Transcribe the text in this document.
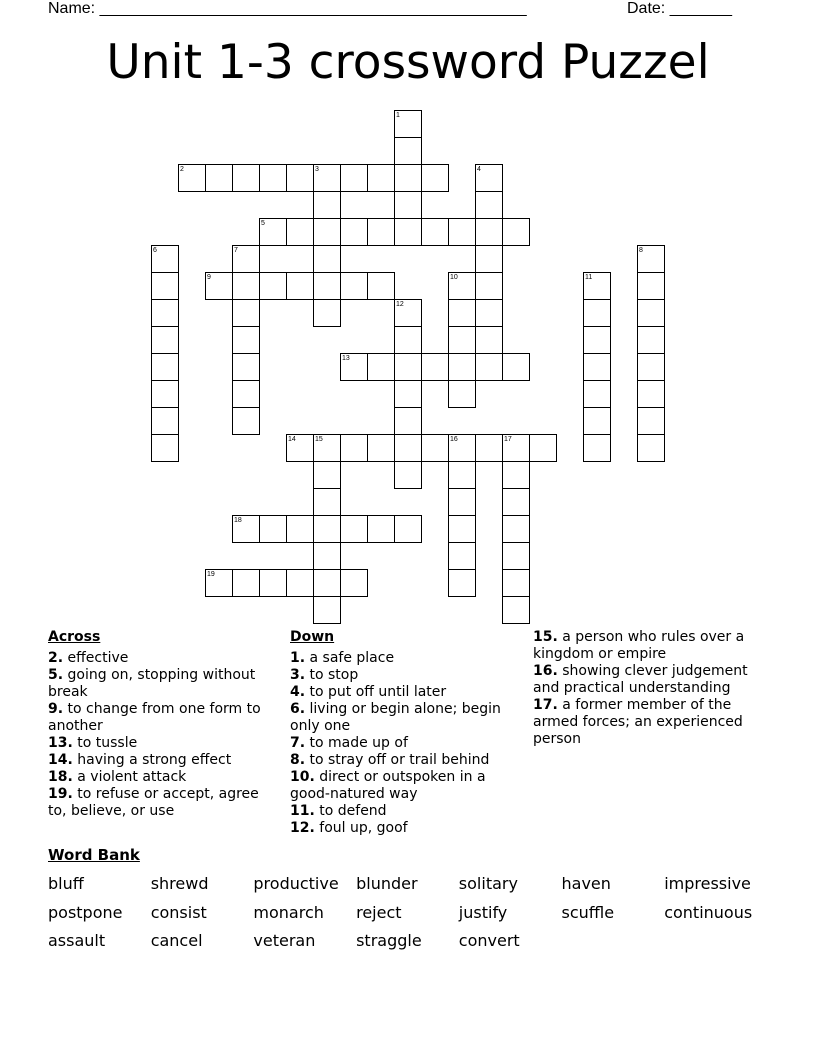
Name: ________________________________________________	Date: _______
Unit 1-3 crossword Puzzel
1
2	3	4
5
6	7	8
9	10	11
12
13
14	15	16	17
18
19
Across

2. effective

5. going on, stopping without break

9. to change from one form to another

13. to tussle

14. having a strong effect

18. a violent attack

19. to refuse or accept, agree to, believe, or use

Down

1. a safe place

3. to stop

4. to put off until later

6. living or begin alone; begin only one

7. to made up of

8. to stray off or trail behind

10. direct or outspoken in a good-natured way

11. to defend

12. foul up, goof

15. a person who rules over a kingdom or empire

16. showing clever judgement and practical understanding

17. a former member of the armed forces; an experienced person

Word Bank
bluff	shrewd	productive	blunder	solitary	haven	impressive
postpone	consist	monarch	reject	justify	scuffle	continuous
assault	cancel	veteran	straggle	convert
